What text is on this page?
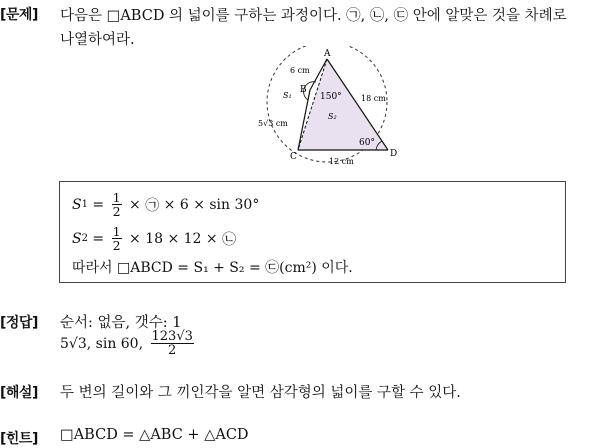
[문제] 다음은 □ABCD 의 넓이를 구하는 과정이다. ㉠, ㉡, ㉢ 안에 알맞은 것을 차례로
나열하여라.
A
B
C	D
6 cm
18 cm
5√3 cm
12 cm
150°
60°
S₁
S₂
S $1 = \frac{1}{2}$ × ㉠ × 6 × sin 30°
S $2 = \frac{1}{2} \times 18 \times 12$ × ㉡
따라서 □ABCD = S₁ + S₂ = ㉢ (cm²) 이다.
[정답] 순서: 없음, 갯수: 1
5√3 , sin 60, $\frac{123√3}{2}$
[해설] 두 변의 길이와 그 끼인각을 알면 삼각형의 넓이를 구할 수 있다.
[힌트] □ABCD = △ABC + △ACD
